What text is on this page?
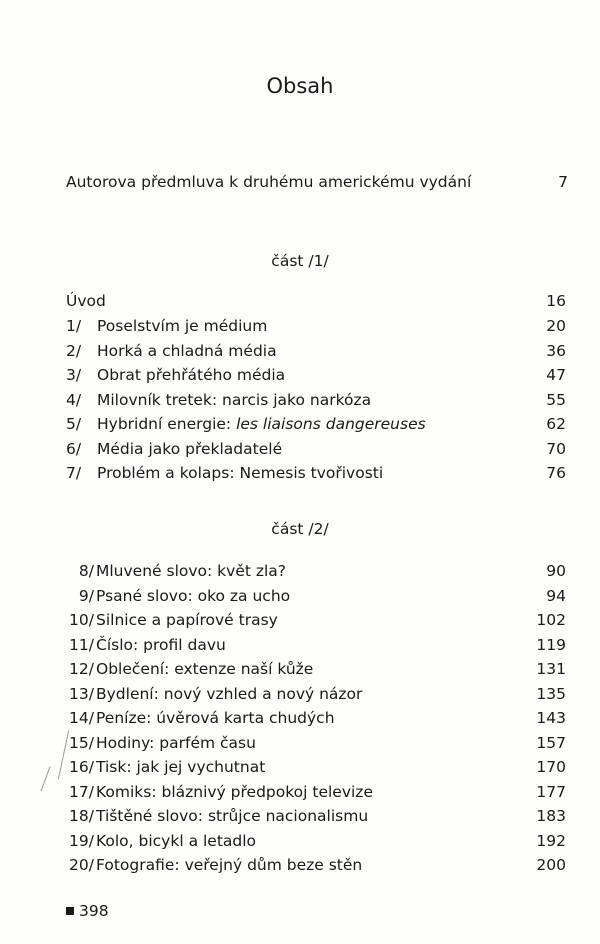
Obsah
Autorova předmluva k druhému americkému vydání	7
část /1/
Úvod	16
1/ Poselstvím je médium	20
2/ Horká a chladná média	36
3/ Obrat přehřátého média	47
4/ Milovník tretek: narcis jako narkóza	55
5/ Hybridní energie: les liaisons dangereuses	62
6/ Média jako překladatelé	70
7/ Problém a kolaps: Nemesis tvořivosti	76
část /2/
8/ Mluvené slovo: květ zla?	90
9/ Psané slovo: oko za ucho	94
10/ Silnice a papírové trasy	102
11/ Číslo: profil davu	119
12/ Oblečení: extenze naší kůže	131
13/ Bydlení: nový vzhled a nový názor	135
14/ Peníze: úvěrová karta chudých	143
15/ Hodiny: parfém času	157
16/ Tisk: jak jej vychutnat	170
17/ Komiks: bláznivý předpokoj televize	177
18/ Tištěné slovo: strůjce nacionalismu	183
19/ Kolo, bicykl a letadlo	192
20/ Fotografie: veřejný dům beze stěn	200
398
